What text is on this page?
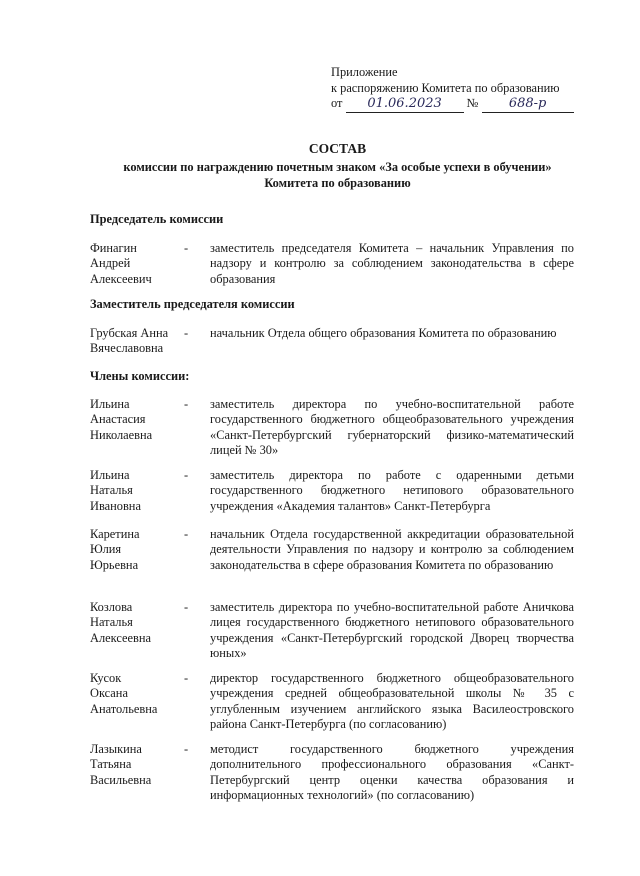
Приложение
к распоряжению Комитета по образованию
от 01.06.2023 № 688-р
СОСТАВ
комиссии по награждению почетным знаком «За особые успехи в обучении»
Комитета по образованию
Председатель комиссии
Финагин
Андрей
Алексеевич
- заместитель председателя Комитета – начальник Управления по надзору и контролю за соблюдением законодательства в сфере образования
Заместитель председателя комиссии
Грубская Анна
Вячеславовна
- начальник Отдела общего образования Комитета по образованию
Члены комиссии:
Ильина
Анастасия
Николаевна
- заместитель директора по учебно-воспитательной работе государственного бюджетного общеобразовательного учреждения «Санкт-Петербургский губернаторский физико-математический лицей № 30»
Ильина
Наталья
Ивановна
- заместитель директора по работе с одаренными детьми государственного бюджетного нетипового образовательного учреждения «Академия талантов» Санкт-Петербурга
Каретина
Юлия
Юрьевна
- начальник Отдела государственной аккредитации образовательной деятельности Управления по надзору и контролю за соблюдением законодательства в сфере образования Комитета по образованию
Козлова
Наталья
Алексеевна
- заместитель директора по учебно-воспитательной работе Аничкова лицея государственного бюджетного нетипового образовательного учреждения «Санкт-Петербургский городской Дворец творчества юных»
Кусок
Оксана
Анатольевна
- директор государственного бюджетного общеобразовательного учреждения средней общеобразовательной школы № 35 с углубленным изучением английского языка Василеостровского района Санкт-Петербурга (по согласованию)
Лазыкина
Татьяна
Васильевна
- методист государственного бюджетного учреждения дополнительного профессионального образования «Санкт-Петербургский центр оценки качества образования и информационных технологий» (по согласованию)
